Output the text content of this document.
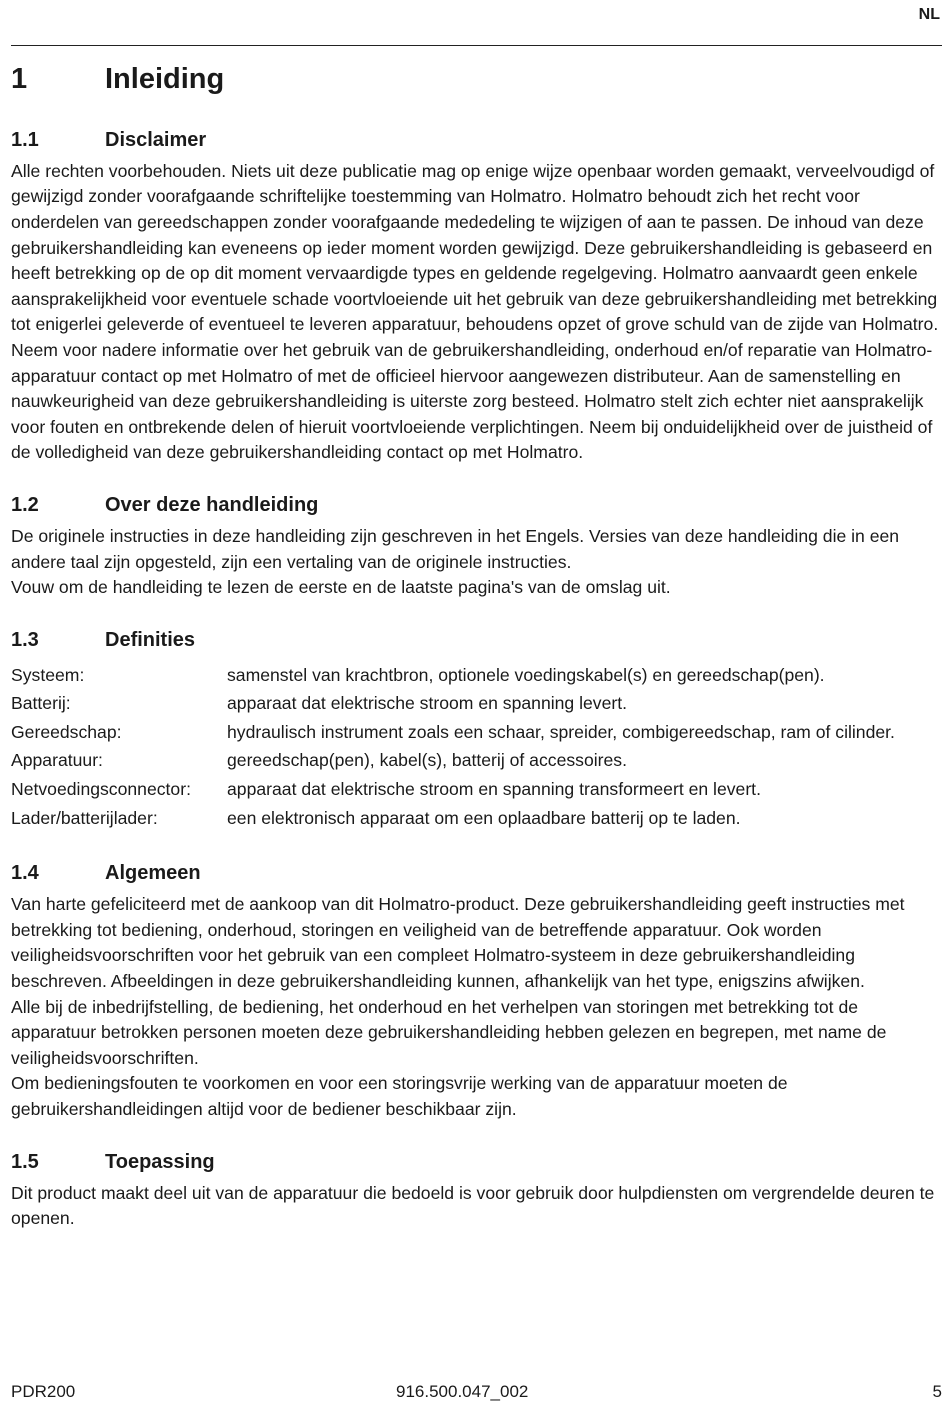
NL
1	Inleiding
1.1	Disclaimer

Alle rechten voorbehouden. Niets uit deze publicatie mag op enige wijze openbaar worden gemaakt, verveelvoudigd of gewijzigd zonder voorafgaande schriftelijke toestemming van Holmatro. Holmatro behoudt zich het recht voor onderdelen van gereedschappen zonder voorafgaande mededeling te wijzigen of aan te passen. De inhoud van deze gebruikershandleiding kan eveneens op ieder moment worden gewijzigd. Deze gebruikershandleiding is gebaseerd en heeft betrekking op de op dit moment vervaardigde types en geldende regelgeving. Holmatro aanvaardt geen enkele aansprakelijkheid voor eventuele schade voortvloeiende uit het gebruik van deze gebruikershandleiding met betrekking tot enigerlei geleverde of eventueel te leveren apparatuur, behoudens opzet of grove schuld van de zijde van Holmatro. Neem voor nadere informatie over het gebruik van de gebruikershandleiding, onderhoud en/of reparatie van Holmatro-apparatuur contact op met Holmatro of met de officieel hiervoor aangewezen distributeur. Aan de samenstelling en nauwkeurigheid van deze gebruikershandleiding is uiterste zorg besteed. Holmatro stelt zich echter niet aansprakelijk voor fouten en ontbrekende delen of hieruit voortvloeiende verplichtingen. Neem bij onduidelijkheid over de juistheid of de volledigheid van deze gebruikershandleiding contact op met Holmatro.

1.2	Over deze handleiding

De originele instructies in deze handleiding zijn geschreven in het Engels. Versies van deze handleiding die in een andere taal zijn opgesteld, zijn een vertaling van de originele instructies.

Vouw om de handleiding te lezen de eerste en de laatste pagina's van de omslag uit.

1.3	Definities
Systeem:	samenstel van krachtbron, optionele voedingskabel(s) en gereedschap(pen).
Batterij:	apparaat dat elektrische stroom en spanning levert.
Gereedschap:	hydraulisch instrument zoals een schaar, spreider, combigereedschap, ram of cilinder.
Apparatuur:	gereedschap(pen), kabel(s), batterij of accessoires.
Netvoedingsconnector:	apparaat dat elektrische stroom en spanning transformeert en levert.
Lader/batterijlader:	een elektronisch apparaat om een oplaadbare batterij op te laden.
1.4	Algemeen

Van harte gefeliciteerd met de aankoop van dit Holmatro-product. Deze gebruikershandleiding geeft instructies met betrekking tot bediening, onderhoud, storingen en veiligheid van de betreffende apparatuur. Ook worden veiligheidsvoorschriften voor het gebruik van een compleet Holmatro-systeem in deze gebruikershandleiding beschreven. Afbeeldingen in deze gebruikershandleiding kunnen, afhankelijk van het type, enigszins afwijken.

Alle bij de inbedrijfstelling, de bediening, het onderhoud en het verhelpen van storingen met betrekking tot de apparatuur betrokken personen moeten deze gebruikershandleiding hebben gelezen en begrepen, met name de veiligheidsvoorschriften.

Om bedieningsfouten te voorkomen en voor een storingsvrije werking van de apparatuur moeten de gebruikershandleidingen altijd voor de bediener beschikbaar zijn.

1.5	Toepassing

Dit product maakt deel uit van de apparatuur die bedoeld is voor gebruik door hulpdiensten om vergrendelde deuren te openen.

PDR200	916.500.047_002	5
